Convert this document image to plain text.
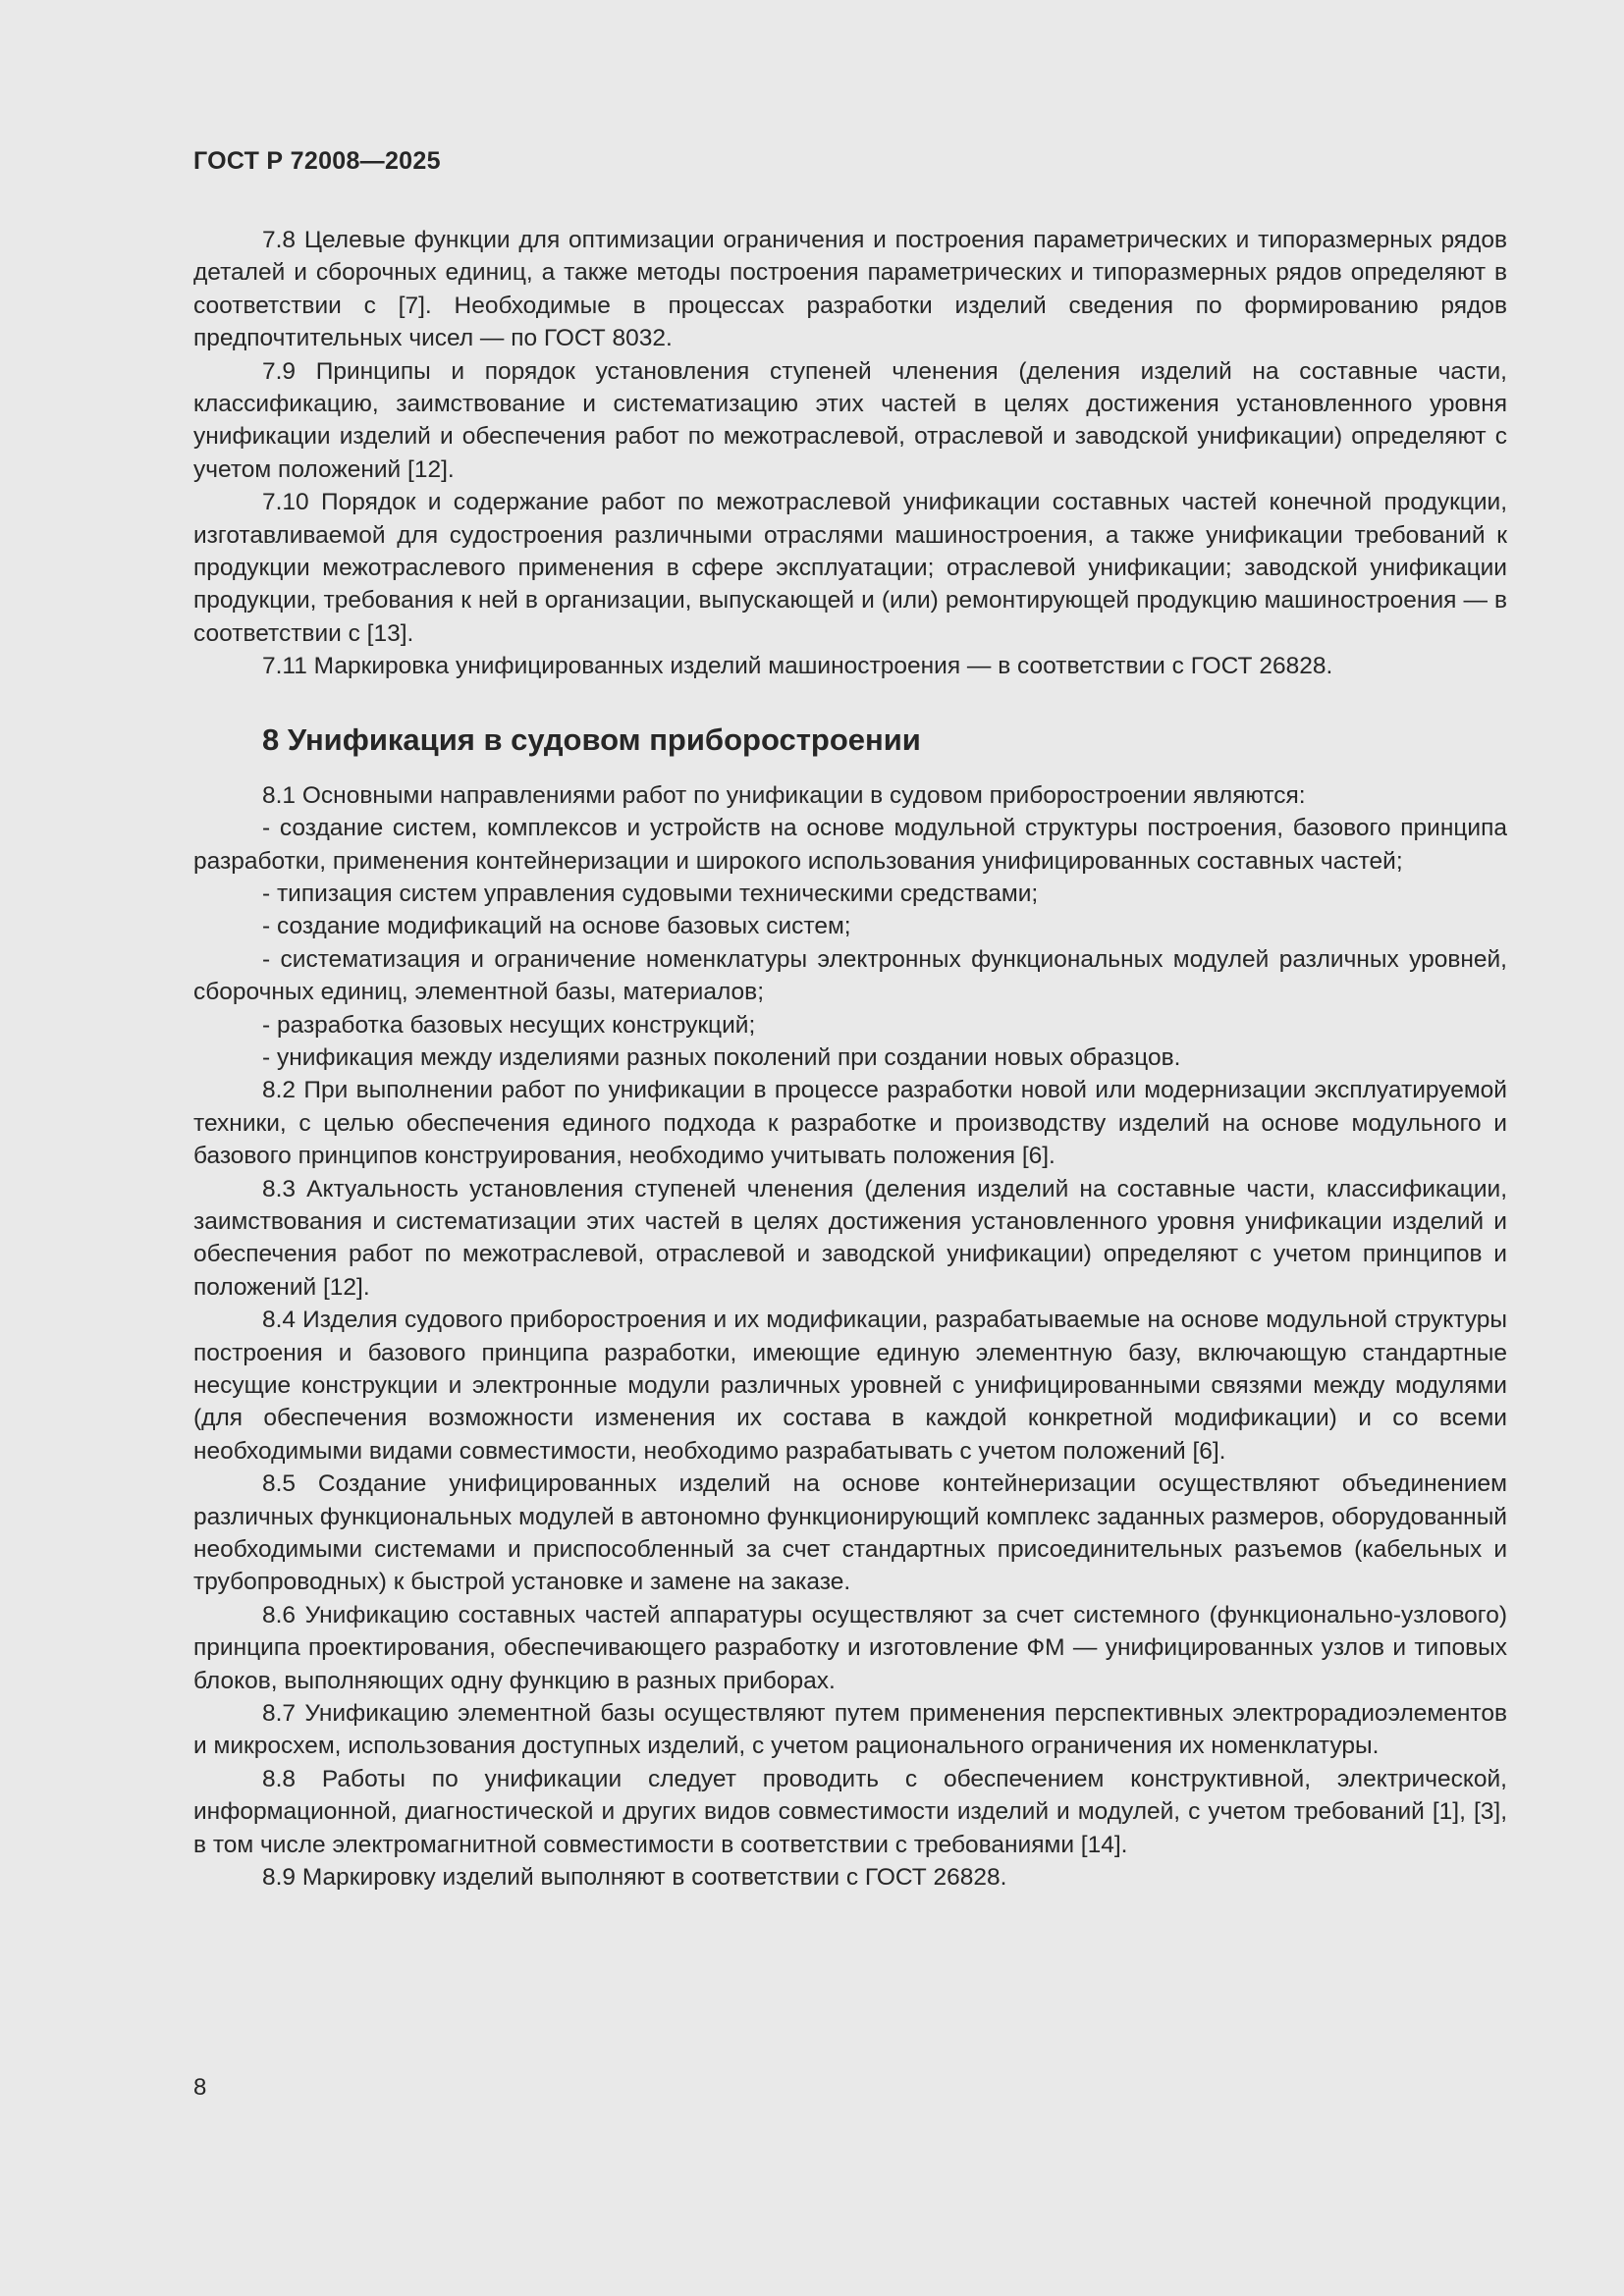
ГОСТ Р 72008—2025

7.8 Целевые функции для оптимизации ограничения и построения параметрических и типоразмерных рядов деталей и сборочных единиц, а также методы построения параметрических и типоразмерных рядов определяют в соответствии с [7]. Необходимые в процессах разработки изделий сведения по формированию рядов предпочтительных чисел — по ГОСТ 8032.

7.9 Принципы и порядок установления ступеней членения (деления изделий на составные части, классификацию, заимствование и систематизацию этих частей в целях достижения установленного уровня унификации изделий и обеспечения работ по межотраслевой, отраслевой и заводской унификации) определяют с учетом положений [12].

7.10 Порядок и содержание работ по межотраслевой унификации составных частей конечной продукции, изготавливаемой для судостроения различными отраслями машиностроения, а также унификации требований к продукции межотраслевого применения в сфере эксплуатации; отраслевой унификации; заводской унификации продукции, требования к ней в организации, выпускающей и (или) ремонтирующей продукцию машиностроения — в соответствии с [13].

7.11 Маркировка унифицированных изделий машиностроения — в соответствии с ГОСТ 26828.

8 Унификация в судовом приборостроении

8.1 Основными направлениями работ по унификации в судовом приборостроении являются:

- создание систем, комплексов и устройств на основе модульной структуры построения, базового принципа разработки, применения контейнеризации и широкого использования унифицированных составных частей;

- типизация систем управления судовыми техническими средствами;

- создание модификаций на основе базовых систем;

- систематизация и ограничение номенклатуры электронных функциональных модулей различных уровней, сборочных единиц, элементной базы, материалов;

- разработка базовых несущих конструкций;

- унификация между изделиями разных поколений при создании новых образцов.

8.2 При выполнении работ по унификации в процессе разработки новой или модернизации эксплуатируемой техники, с целью обеспечения единого подхода к разработке и производству изделий на основе модульного и базового принципов конструирования, необходимо учитывать положения [6].

8.3 Актуальность установления ступеней членения (деления изделий на составные части, классификации, заимствования и систематизации этих частей в целях достижения установленного уровня унификации изделий и обеспечения работ по межотраслевой, отраслевой и заводской унификации) определяют с учетом принципов и положений [12].

8.4 Изделия судового приборостроения и их модификации, разрабатываемые на основе модульной структуры построения и базового принципа разработки, имеющие единую элементную базу, включающую стандартные несущие конструкции и электронные модули различных уровней с унифицированными связями между модулями (для обеспечения возможности изменения их состава в каждой конкретной модификации) и со всеми необходимыми видами совместимости, необходимо разрабатывать с учетом положений [6].

8.5 Создание унифицированных изделий на основе контейнеризации осуществляют объединением различных функциональных модулей в автономно функционирующий комплекс заданных размеров, оборудованный необходимыми системами и приспособленный за счет стандартных присоединительных разъемов (кабельных и трубопроводных) к быстрой установке и замене на заказе.

8.6 Унификацию составных частей аппаратуры осуществляют за счет системного (функционально-узлового) принципа проектирования, обеспечивающего разработку и изготовление ФМ — унифицированных узлов и типовых блоков, выполняющих одну функцию в разных приборах.

8.7 Унификацию элементной базы осуществляют путем применения перспективных электрорадиоэлементов и микросхем, использования доступных изделий, с учетом рационального ограничения их номенклатуры.

8.8 Работы по унификации следует проводить с обеспечением конструктивной, электрической, информационной, диагностической и других видов совместимости изделий и модулей, с учетом требований [1], [3], в том числе электромагнитной совместимости в соответствии с требованиями [14].

8.9 Маркировку изделий выполняют в соответствии с ГОСТ 26828.

8
